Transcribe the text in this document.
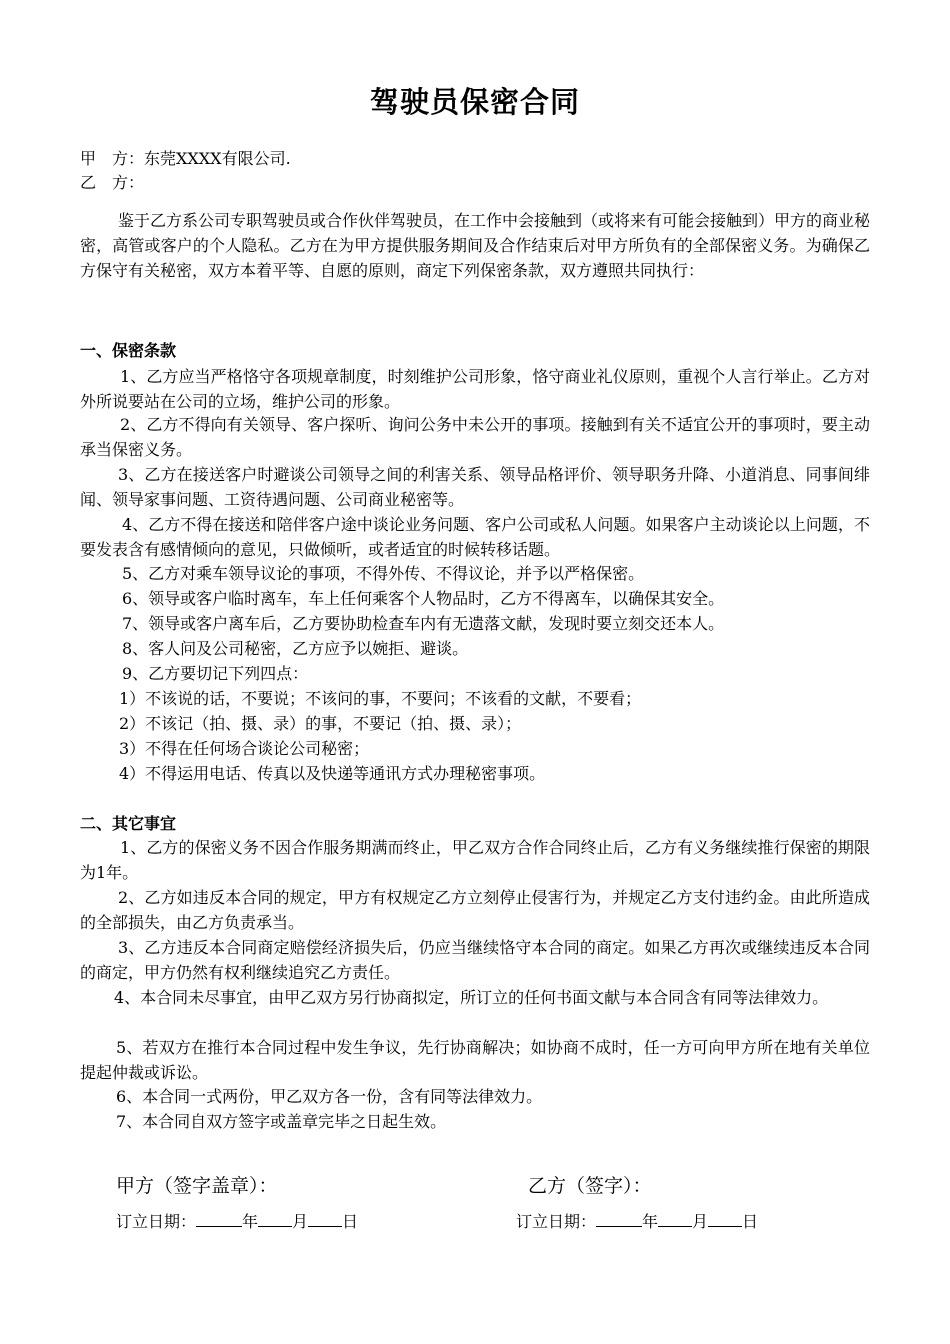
驾驶员保密合同
甲　方：东莞XXXX有限公司.
乙　方：
鉴于乙方系公司专职驾驶员或合作伙伴驾驶员，在工作中会接触到（或将来有可能会接触到）甲方的商业秘密，高管或客户的个人隐私。乙方在为甲方提供服务期间及合作结束后对甲方所负有的全部保密义务。为确保乙方保守有关秘密，双方本着平等、自愿的原则，商定下列保密条款，双方遵照共同执行：
一、保密条款
1、乙方应当严格恪守各项规章制度，时刻维护公司形象，恪守商业礼仪原则，重视个人言行举止。乙方对外所说要站在公司的立场，维护公司的形象。
2、乙方不得向有关领导、客户探听、询问公务中未公开的事项。接触到有关不适宜公开的事项时，要主动承当保密义务。
3、乙方在接送客户时避谈公司领导之间的利害关系、领导品格评价、领导职务升降、小道消息、同事间绯闻、领导家事问题、工资待遇问题、公司商业秘密等。
4、乙方不得在接送和陪伴客户途中谈论业务问题、客户公司或私人问题。如果客户主动谈论以上问题，不要发表含有感情倾向的意见，只做倾听，或者适宜的时候转移话题。
5、乙方对乘车领导议论的事项，不得外传、不得议论，并予以严格保密。
6、领导或客户临时离车，车上任何乘客个人物品时，乙方不得离车，以确保其安全。
7、领导或客户离车后，乙方要协助检查车内有无遗落文献，发现时要立刻交还本人。
8、客人问及公司秘密，乙方应予以婉拒、避谈。
9、乙方要切记下列四点：
1）不该说的话，不要说；不该问的事，不要问；不该看的文献，不要看；
2）不该记（拍、摄、录）的事，不要记（拍、摄、录）；
3）不得在任何场合谈论公司秘密；
4）不得运用电话、传真以及快递等通讯方式办理秘密事项。
二、其它事宜
1、乙方的保密义务不因合作服务期满而终止，甲乙双方合作合同终止后，乙方有义务继续推行保密的期限为1年。
2、乙方如违反本合同的规定，甲方有权规定乙方立刻停止侵害行为，并规定乙方支付违约金。由此所造成的全部损失，由乙方负责承当。
3、乙方违反本合同商定赔偿经济损失后，仍应当继续恪守本合同的商定。如果乙方再次或继续违反本合同的商定，甲方仍然有权利继续追究乙方责任。
4、本合同未尽事宜，由甲乙双方另行协商拟定，所订立的任何书面文献与本合同含有同等法律效力。
5、若双方在推行本合同过程中发生争议，先行协商解决；如协商不成时，任一方可向甲方所在地有关单位提起仲裁或诉讼。
6、本合同一式两份，甲乙双方各一份，含有同等法律效力。
7、本合同自双方签字或盖章完毕之日起生效。
甲方（签字盖章）：	乙方（签字）：
订立日期：	年 月 日	订立日期：	年 月 日
